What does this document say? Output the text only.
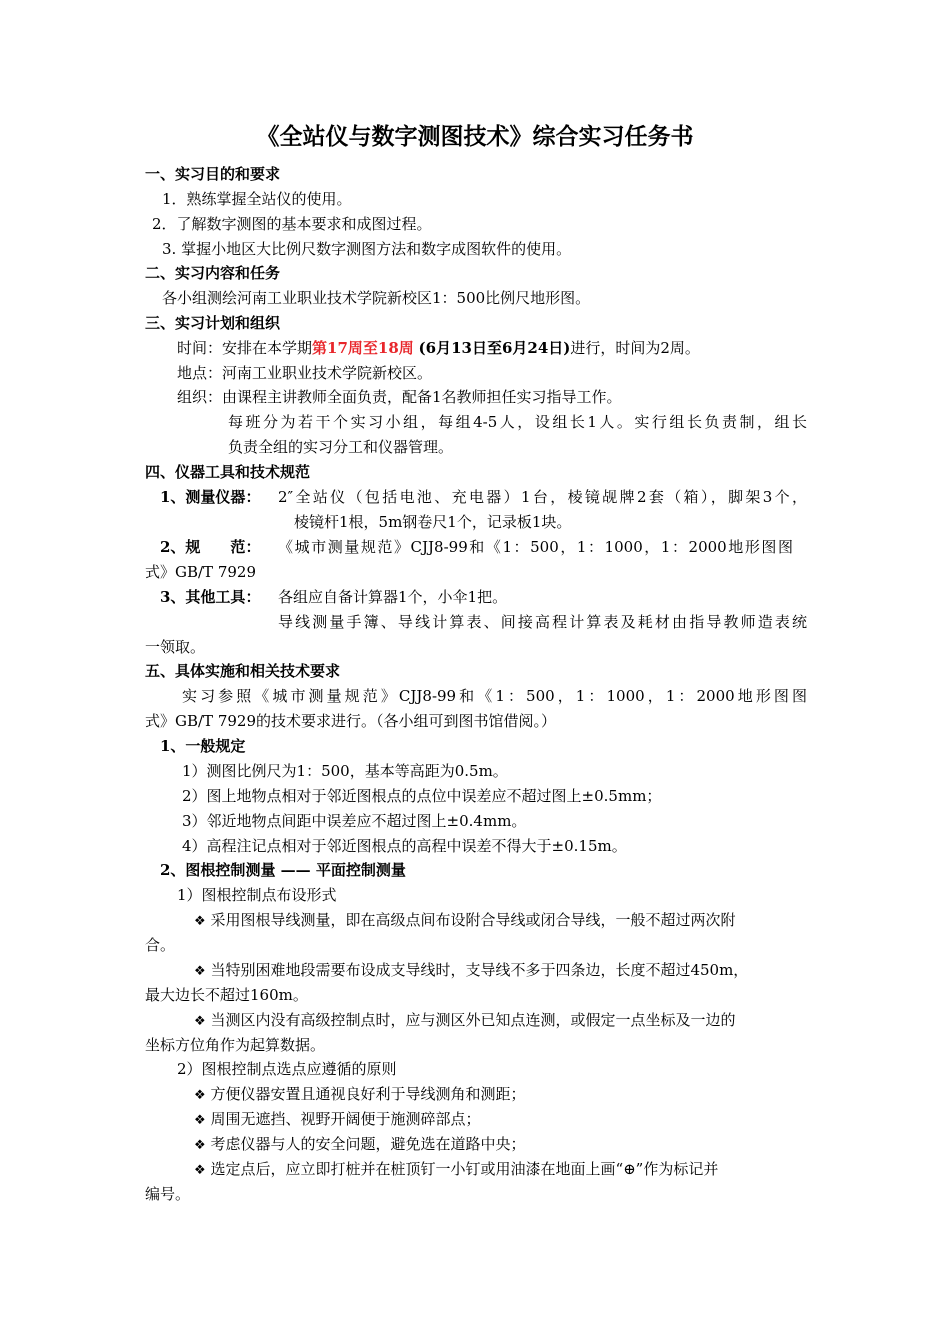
《全站仪与数字测图技术》综合实习任务书
一、实习目的和要求
1．熟练掌握全站仪的使用。
2．了解数字测图的基本要求和成图过程。
3. 掌握小地区大比例尺数字测图方法和数字成图软件的使用。
二、实习内容和任务
各小组测绘河南工业职业技术学院新校区1：500比例尺地形图。
三、实习计划和组织
时间：安排在本学期第17周至18周 (6月13日至6月24日)进行，时间为2周。
地点：河南工业职业技术学院新校区。
组织：由课程主讲教师全面负责，配备1名教师担任实习指导工作。
每班分为若干个实习小组，每组4-5人，设组长1人。实行组长负责制，组长
负责全组的实习分工和仪器管理。
四、仪器工具和技术规范
1、测量仪器：	2″全站仪（包括电池、充电器）1台，棱镜觇牌2套（箱），脚架3个，
棱镜杆1根，5m钢卷尺1个，记录板1块。
2、规　　范：	《城市测量规范》CJJ8-99和《1：500，1：1000，1：2000地形图图
式》GB/T 7929
3、其他工具：	各组应自备计算器1个，小伞1把。
导线测量手簿、导线计算表、间接高程计算表及耗材由指导教师造表统
一领取。
五、具体实施和相关技术要求
实习参照《城市测量规范》CJJ8-99和《1：500，1：1000，1：2000地形图图
式》GB/T 7929的技术要求进行。（各小组可到图书馆借阅。）
1、一般规定
1）测图比例尺为1：500，基本等高距为0.5m。
2）图上地物点相对于邻近图根点的点位中误差应不超过图上±0.5mm；
3）邻近地物点间距中误差应不超过图上±0.4mm。
4）高程注记点相对于邻近图根点的高程中误差不得大于±0.15m。
2、图根控制测量 —— 平面控制测量
1）图根控制点布设形式
❖ 采用图根导线测量，即在高级点间布设附合导线或闭合导线，一般不超过两次附
合。
❖ 当特别困难地段需要布设成支导线时，支导线不多于四条边，长度不超过450m，
最大边长不超过160m。
❖ 当测区内没有高级控制点时，应与测区外已知点连测，或假定一点坐标及一边的
坐标方位角作为起算数据。
2）图根控制点选点应遵循的原则
❖ 方便仪器安置且通视良好利于导线测角和测距；
❖ 周围无遮挡、视野开阔便于施测碎部点；
❖ 考虑仪器与人的安全问题，避免选在道路中央；
❖ 选定点后，应立即打桩并在桩顶钉一小钉或用油漆在地面上画“⊕”作为标记并
编号。
